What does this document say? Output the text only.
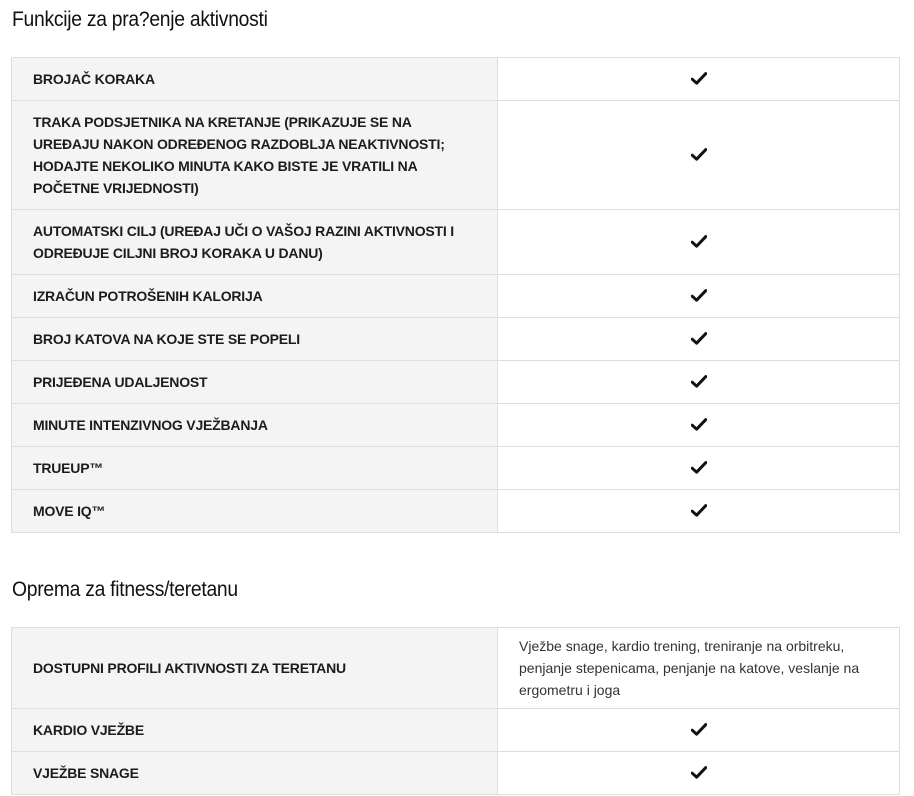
Funkcije za pra?enje aktivnosti
BROJAČ KORAKA	

TRAKA PODSJETNIKA NA KRETANJE (PRIKAZUJE SE NA UREĐAJU NAKON ODREĐENOG RAZDOBLJA NEAKTIVNOSTI; HODAJTE NEKOLIKO MINUTA KAKO BISTE JE VRATILI NA POČETNE VRIJEDNOSTI)	

AUTOMATSKI CILJ (UREĐAJ UČI O VAŠOJ RAZINI AKTIVNOSTI I ODREĐUJE CILJNI BROJ KORAKA U DANU)	

IZRAČUN POTROŠENIH KALORIJA	

BROJ KATOVA NA KOJE STE SE POPELI	

PRIJEĐENA UDALJENOST	

MINUTE INTENZIVNOG VJEŽBANJA	

TRUEUP™	

MOVE IQ™	
Oprema za fitness/teretanu
DOSTUPNI PROFILI AKTIVNOSTI ZA TERETANU	Vježbe snage, kardio trening, treniranje na orbitreku, penjanje stepenicama, penjanje na katove, veslanje na ergometru i joga
KARDIO VJEŽBE	

VJEŽBE SNAGE	
